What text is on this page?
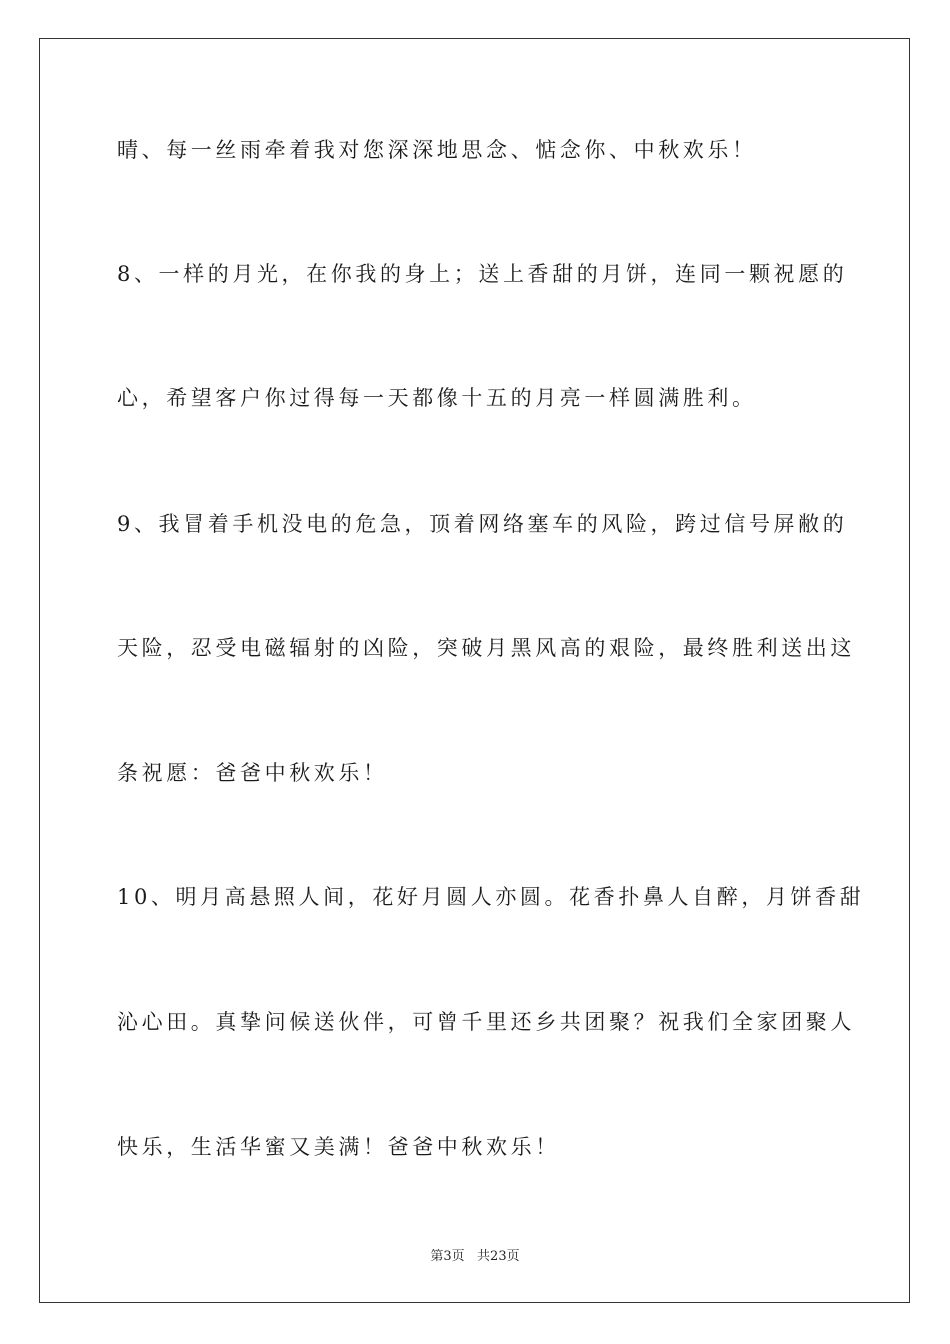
晴、每一丝雨牵着我对您深深地思念、惦念你、中秋欢乐！
8、一样的月光，在你我的身上；送上香甜的月饼，连同一颗祝愿的
心，希望客户你过得每一天都像十五的月亮一样圆满胜利。
9、我冒着手机没电的危急，顶着网络塞车的风险，跨过信号屏敝的
天险，忍受电磁辐射的凶险，突破月黑风高的艰险，最终胜利送出这
条祝愿：爸爸中秋欢乐！
10、明月高悬照人间，花好月圆人亦圆。花香扑鼻人自醉，月饼香甜
沁心田。真挚问候送伙伴，可曾千里还乡共团聚？祝我们全家团聚人
快乐，生活华蜜又美满！爸爸中秋欢乐！
第3页   共23页
